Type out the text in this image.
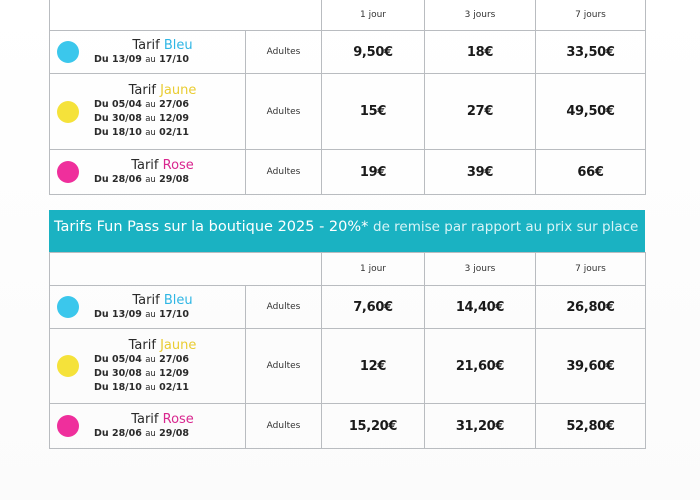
		1 jour	3 jours	7 jours

Tarif Bleu
Du 13/09 au 17/10	Adultes	9,50€	18€	33,50€

Tarif Jaune
Du 05/04 au 27/06
Du 30/08 au 12/09
Du 18/10 au 02/11	Adultes	15€	27€	49,50€

Tarif Rose
Du 28/06 au 29/08	Adultes	19€	39€	66€
Tarifs Fun Pass sur la boutique 2025 - 20%* de remise par rapport au prix sur place
		1 jour	3 jours	7 jours

Tarif Bleu
Du 13/09 au 17/10	Adultes	7,60€	14,40€	26,80€

Tarif Jaune
Du 05/04 au 27/06
Du 30/08 au 12/09
Du 18/10 au 02/11	Adultes	12€	21,60€	39,60€

Tarif Rose
Du 28/06 au 29/08	Adultes	15,20€	31,20€	52,80€
